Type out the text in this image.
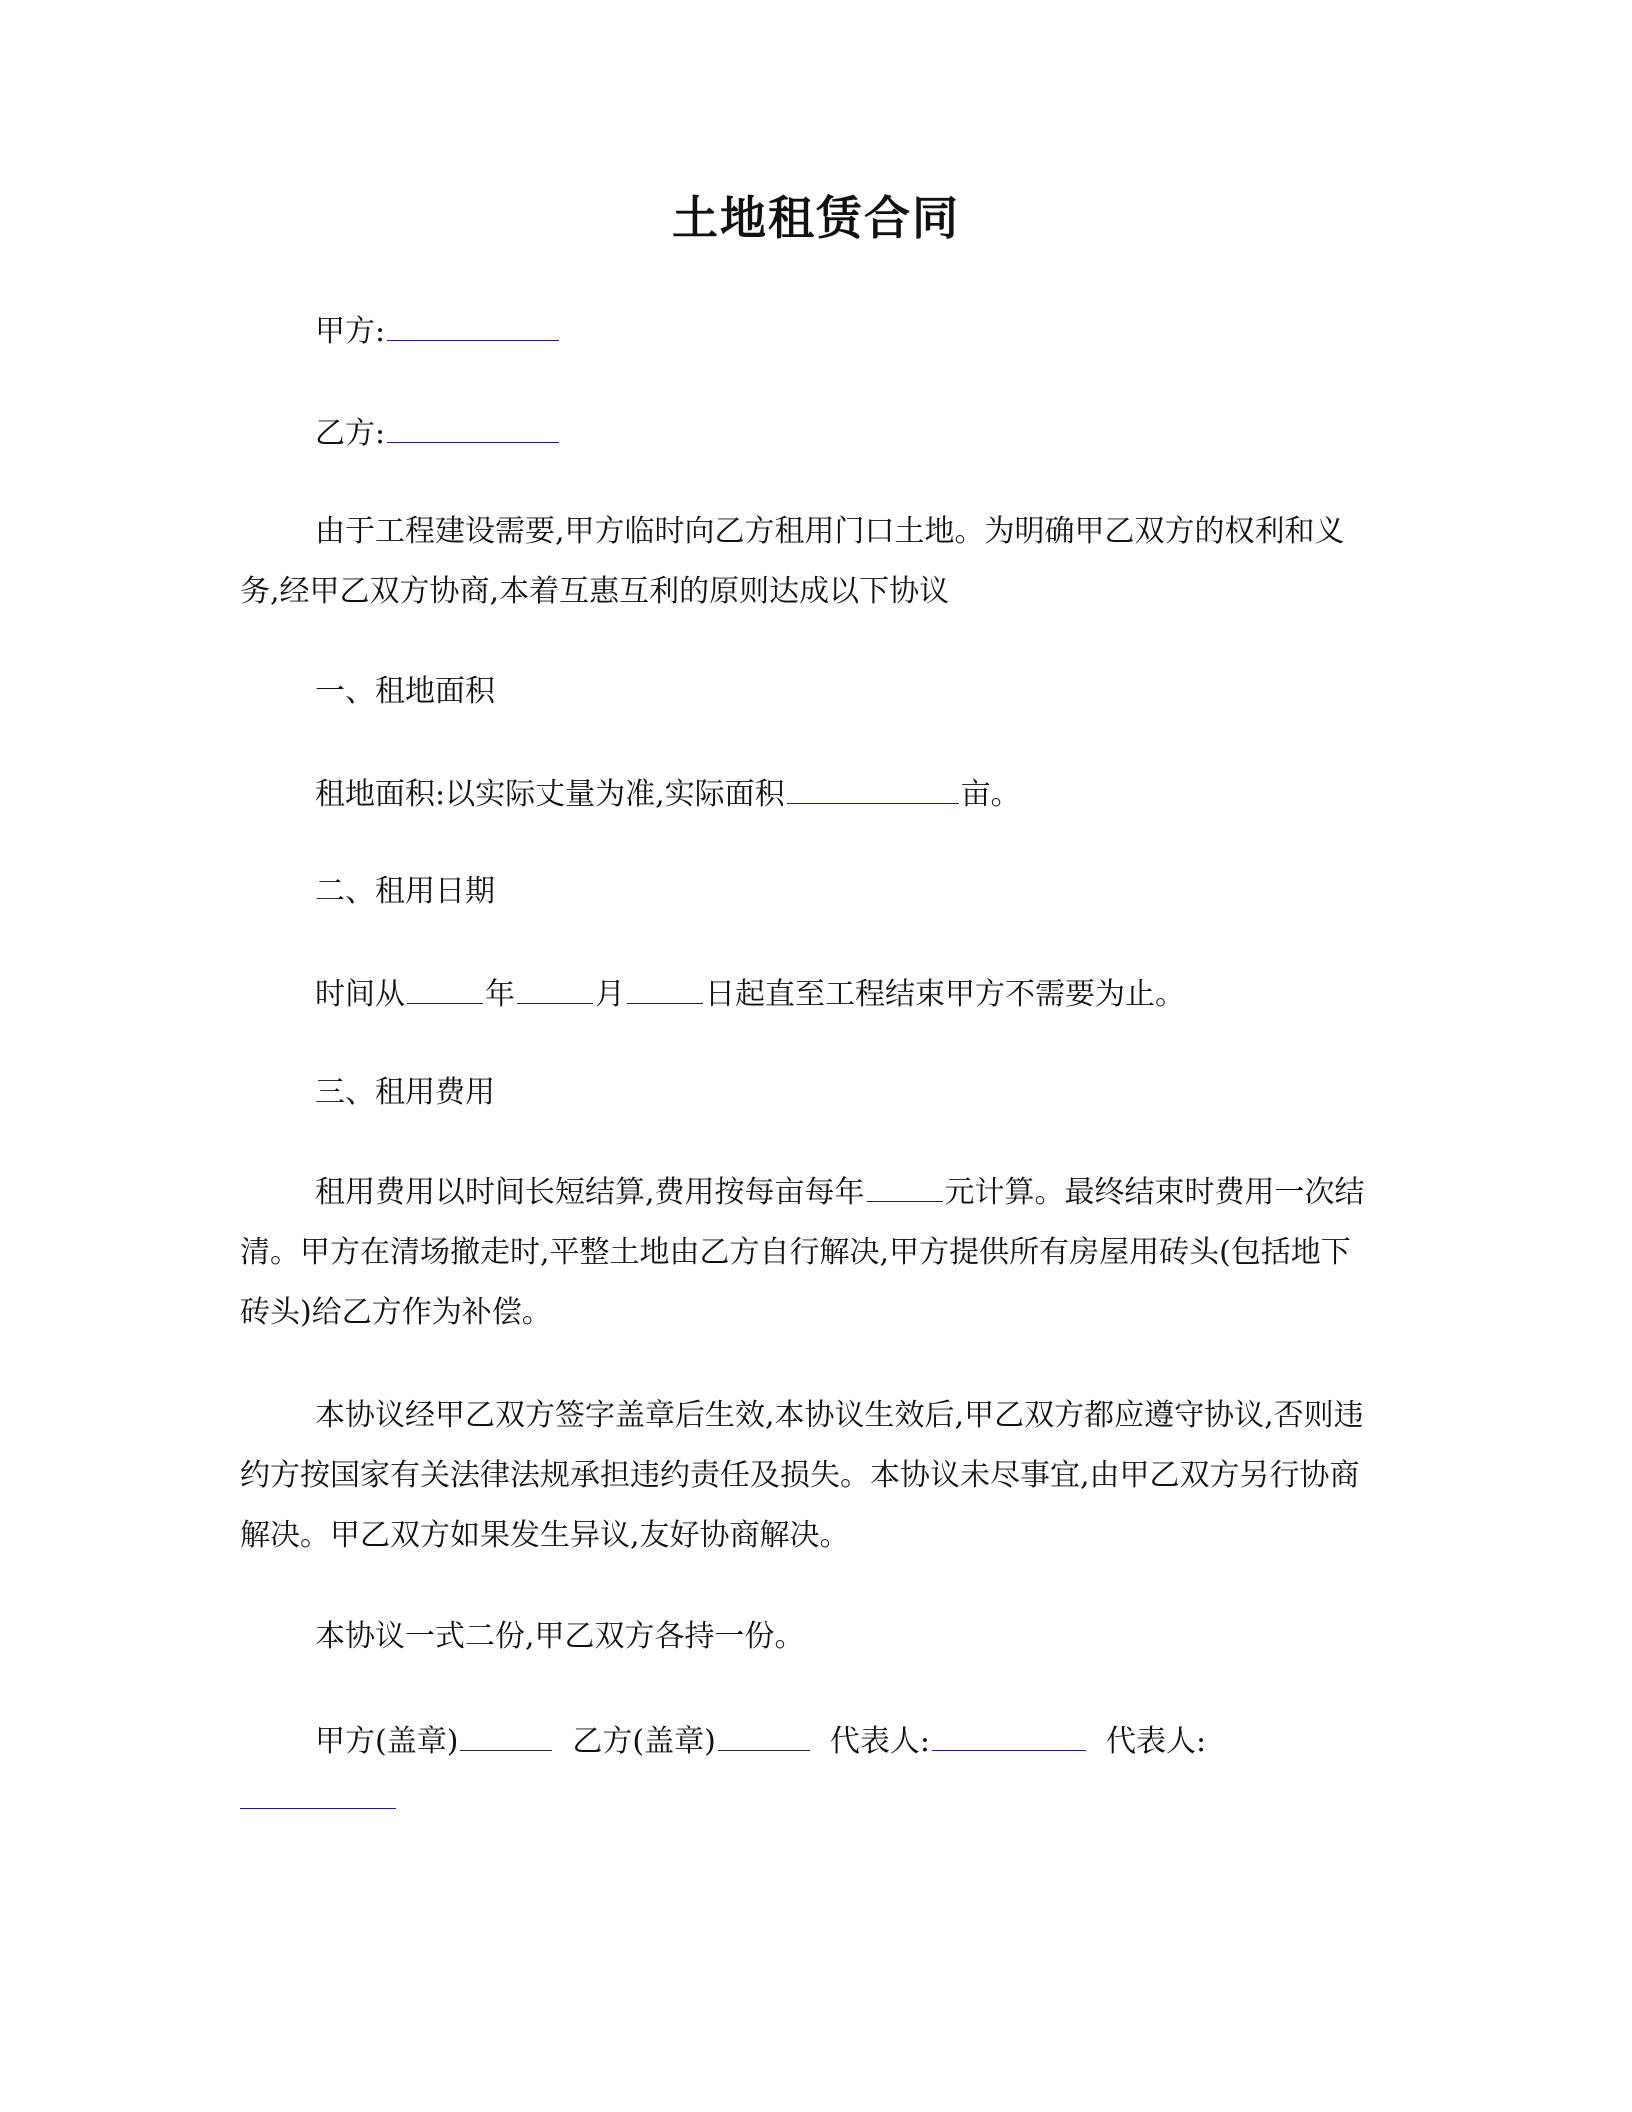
土地租赁合同

甲方:

乙方:

由于工程建设需要,甲方临时向乙方租用门口土地。为明确甲乙双方的权利和义务,经甲乙双方协商,本着互惠互利的原则达成以下协议

一、租地面积

租地面积:以实际丈量为准,实际面积	亩。

二、租用日期

时间从	年	月	日起直至工程结束甲方不需要为止。

三、租用费用

租用费用以时间长短结算,费用按每亩每年	元计算。最终结束时费用一次结清。甲方在清场撤走时,平整土地由乙方自行解决,甲方提供所有房屋用砖头(包括地下砖头)给乙方作为补偿。

本协议经甲乙双方签字盖章后生效,本协议生效后,甲乙双方都应遵守协议,否则违约方按国家有关法律法规承担违约责任及损失。本协议未尽事宜,由甲乙双方另行协商解决。甲乙双方如果发生异议,友好协商解决。

本协议一式二份,甲乙双方各持一份。

甲方(盖章)	乙方(盖章)	代表人:	代表人:
